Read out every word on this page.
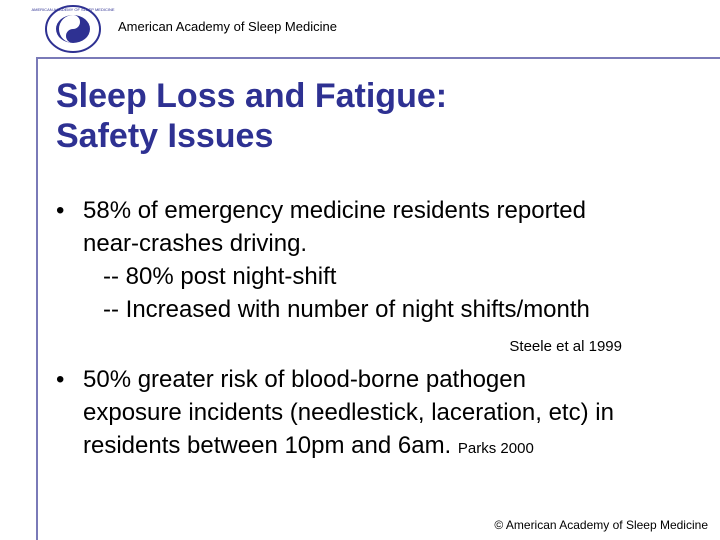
AMERICAN ACADEMY OF SLEEP MEDICINE
American Academy of Sleep Medicine
Sleep Loss and Fatigue:
Safety Issues
• 58% of emergency medicine residents reported
near-crashes driving.
-- 80% post night-shift
-- Increased with number of night shifts/month
Steele et al 1999
• 50% greater risk of blood-borne pathogen
exposure incidents (needlestick, laceration, etc) in
residents between 10pm and 6am. Parks 2000
© American Academy of Sleep Medicine
